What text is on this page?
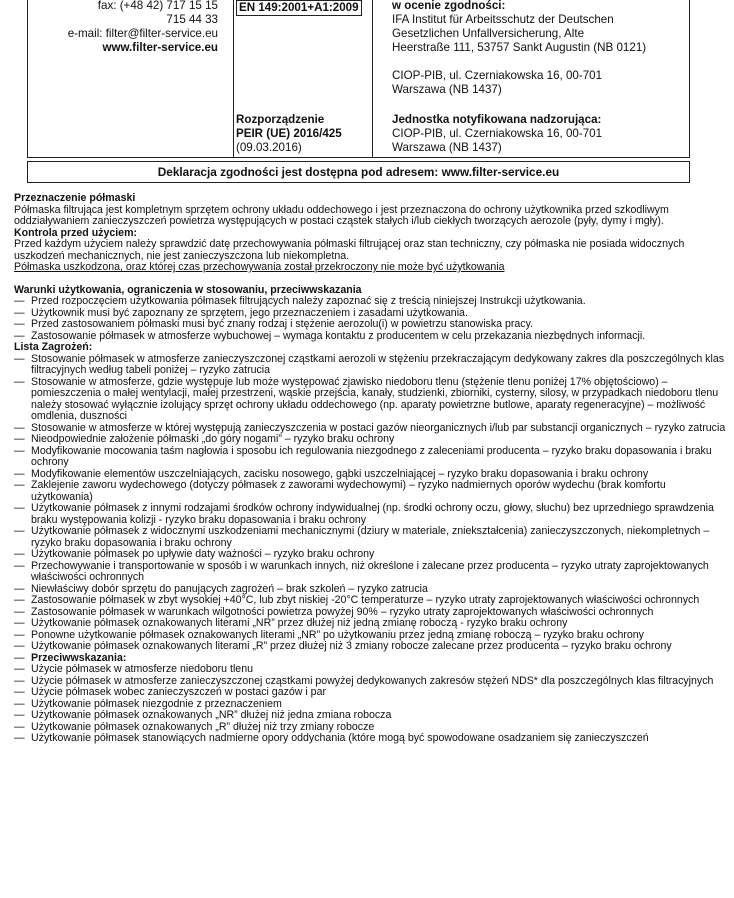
fax: (+48 42) 717 15 15
715 44 33
e-mail: filter@filter-service.eu
www.filter-service.eu
EN 149:2001+A1:2009
Rozporządzenie
PEIR (UE) 2016/425
(09.03.2016)
w ocenie zgodności:
IFA Institut für Arbeitsschutz der Deutschen
Gesetzlichen Unfallversicherung, Alte
Heerstraße 111, 53757 Sankt Augustin (NB 0121)
CIOP-PIB, ul. Czerniakowska 16, 00-701
Warszawa (NB 1437)
Jednostka notyfikowana nadzorująca:
CIOP-PIB, ul. Czerniakowska 16, 00-701
Warszawa (NB 1437)
Deklaracja zgodności jest dostępna pod adresem: www.filter-service.eu
Przeznaczenie półmaski

Półmaska filtrująca jest kompletnym sprzętem ochrony układu oddechowego i jest przeznaczona do ochrony użytkownika przed szkodliwym oddziaływaniem zanieczyszczeń powietrza występujących w postaci cząstek stałych i/lub ciekłych tworzących aerozole (pyły, dymy i mgły).

Kontrola przed użyciem:

Przed każdym użyciem należy sprawdzić datę przechowywania półmaski filtrującej oraz stan techniczny, czy półmaska nie posiada widocznych uszkodzeń mechanicznych, nie jest zanieczyszczona lub niekompletna.

Półmaska uszkodzona, oraz której czas przechowywania został przekroczony nie może być użytkowania

Warunki użytkowania, ograniczenia w stosowaniu, przeciwwskazania
— Przed rozpoczęciem użytkowania półmasek filtrujących należy zapoznać się z treścią niniejszej Instrukcji użytkowania.
— Użytkownik musi być zapoznany ze sprzętem, jego przeznaczeniem i zasadami użytkowania.
— Przed zastosowaniem półmaski musi być znany rodzaj i stężenie aerozolu(i) w powietrzu stanowiska pracy.
— Zastosowanie półmasek w atmosferze wybuchowej – wymaga kontaktu z producentem w celu przekazania niezbędnych informacji.
Lista Zagrożeń:
— Stosowanie półmasek w atmosferze zanieczyszczonej cząstkami aerozoli w stężeniu przekraczającym dedykowany zakres dla poszczególnych klas filtracyjnych według tabeli poniżej – ryzyko zatrucia
— Stosowanie w atmosferze, gdzie występuje lub może występować zjawisko niedoboru tlenu (stężenie tlenu poniżej 17% objętościowo) – pomieszczenia o małej wentylacji, małej przestrzeni, wąskie przejścia, kanały, studzienki, zbiorniki, cysterny, silosy, w przypadkach niedoboru tlenu należy stosować wyłącznie izolujący sprzęt ochrony układu oddechowego (np. aparaty powietrzne butlowe, aparaty regeneracyjne) – możliwość omdlenia, duszności
— Stosowanie w atmosferze w której występują zanieczyszczenia w postaci gazów nieorganicznych i/lub par substancji organicznych – ryzyko zatrucia
— Nieodpowiednie założenie półmaski „do góry nogami” – ryzyko braku ochrony
— Modyfikowanie mocowania taśm nagłowia i sposobu ich regulowania niezgodnego z zaleceniami producenta – ryzyko braku dopasowania i braku ochrony
— Modyfikowanie elementów uszczelniających, zacisku nosowego, gąbki uszczelniającej – ryzyko braku dopasowania i braku ochrony
— Zaklejenie zaworu wydechowego (dotyczy półmasek z zaworami wydechowymi) – ryzyko nadmiernych oporów wydechu (brak komfortu użytkowania)
— Użytkowanie półmasek z innymi rodzajami środków ochrony indywidualnej (np. środki ochrony oczu, głowy, słuchu) bez uprzedniego sprawdzenia braku występowania kolizji - ryzyko braku dopasowania i braku ochrony
— Użytkowanie półmasek z widocznymi uszkodzeniami mechanicznymi (dziury w materiale, zniekształcenia) zanieczyszczonych, niekompletnych – ryzyko braku dopasowania i braku ochrony
— Użytkowanie półmasek po upływie daty ważności – ryzyko braku ochrony
— Przechowywanie i transportowanie w sposób i w warunkach innych, niż określone i zalecane przez producenta – ryzyko utraty zaprojektowanych właściwości ochronnych
— Niewłaściwy dobór sprzętu do panujących zagrożeń – brak szkoleń – ryzyko zatrucia
— Zastosowanie półmasek w zbyt wysokiej +40°C, lub zbyt niskiej -20°C temperaturze – ryzyko utraty zaprojektowanych właściwości ochronnych
— Zastosowanie półmasek w warunkach wilgotności powietrza powyżej 90% – ryzyko utraty zaprojektowanych właściwości ochronnych
— Użytkowanie półmasek oznakowanych literami „NR” przez dłużej niż jedną zmianę roboczą - ryzyko braku ochrony
— Ponowne użytkowanie półmasek oznakowanych literami „NR” po użytkowaniu przez jedną zmianę roboczą – ryzyko braku ochrony
— Użytkowanie półmasek oznakowanych literami „R” przez dłużej niż 3 zmiany robocze zalecane przez producenta – ryzyko braku ochrony
— Przeciwwskazania:
— Użycie półmasek w atmosferze niedoboru tlenu
— Użycie półmasek w atmosferze zanieczyszczonej cząstkami powyżej dedykowanych zakresów stężeń NDS* dla poszczególnych klas filtracyjnych
— Użycie półmasek wobec zanieczyszczeń w postaci gazów i par
— Użytkowanie półmasek niezgodnie z przeznaczeniem
— Użytkowanie półmasek oznakowanych „NR” dłużej niż jedna zmiana robocza
— Użytkowanie półmasek oznakowanych „R” dłużej niż trzy zmiany robocze
— Użytkowanie półmasek stanowiących nadmierne opory oddychania (które mogą być spowodowane osadzaniem się zanieczyszczeń
